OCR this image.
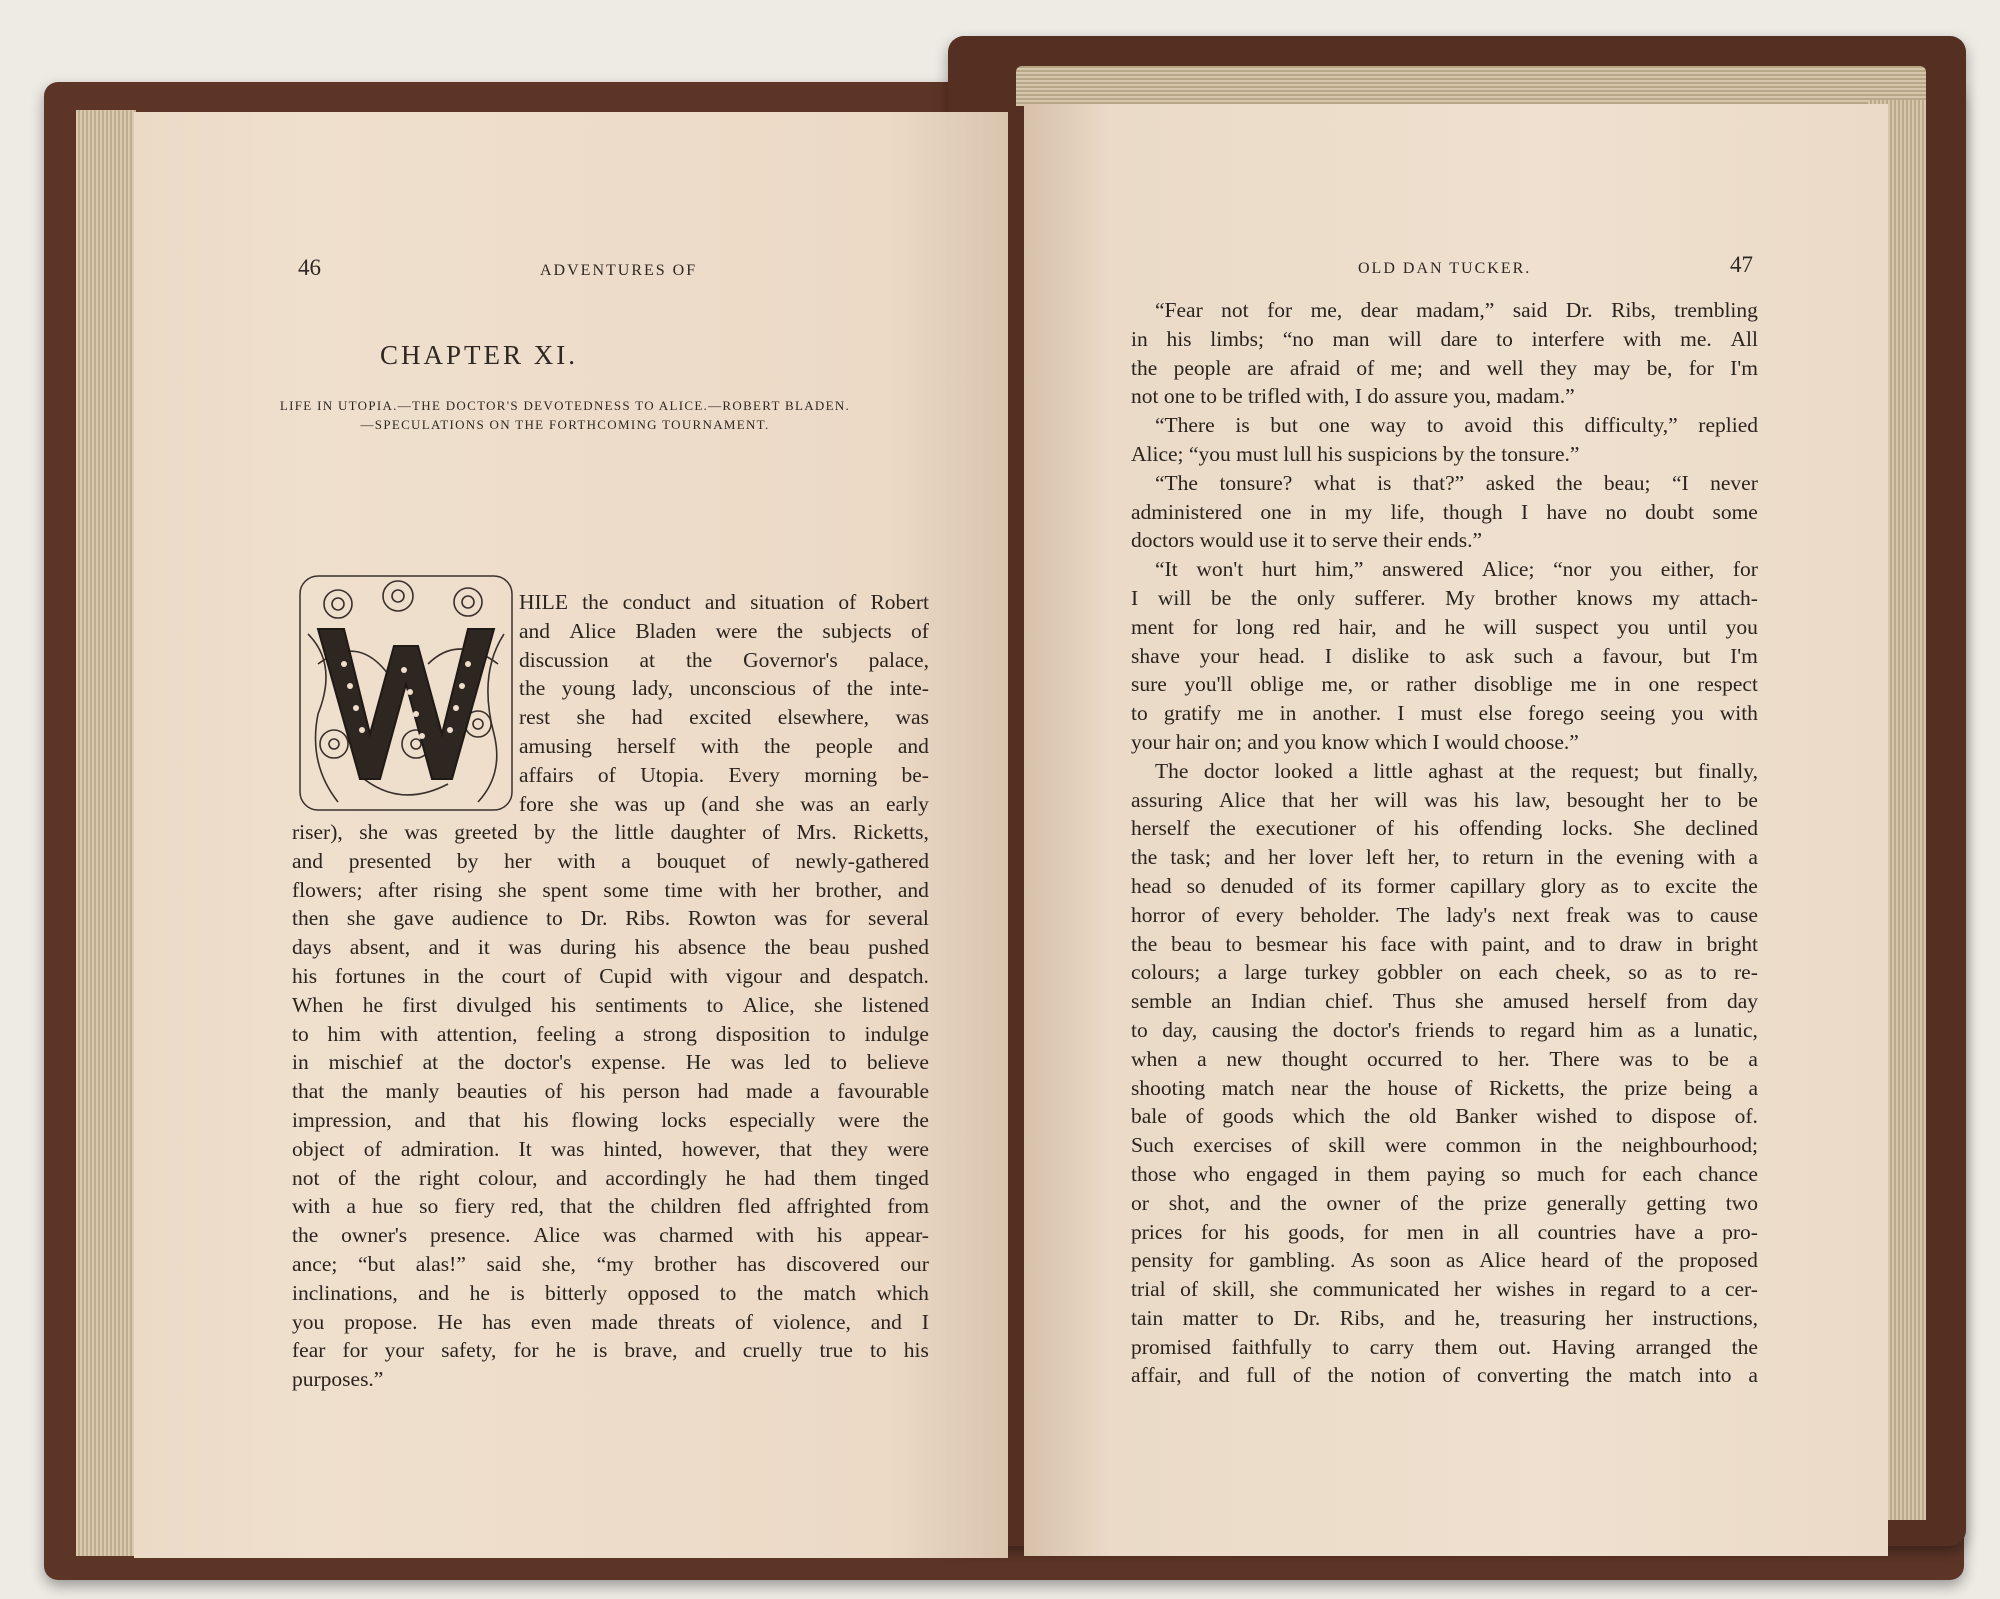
46	ADVENTURES OF
CHAPTER XI.
LIFE IN UTOPIA.—THE DOCTOR'S DEVOTEDNESS TO ALICE.—ROBERT BLADEN.
—SPECULATIONS ON THE FORTHCOMING TOURNAMENT.
HILE the conduct and situation of Robert
and Alice Bladen were the subjects of
discussion at the Governor's palace,
the young lady, unconscious of the inte-
rest she had excited elsewhere, was
amusing herself with the people and
affairs of Utopia. Every morning be-
fore she was up (and she was an early
riser), she was greeted by the little daughter of Mrs. Ricketts,
and presented by her with a bouquet of newly-gathered
flowers; after rising she spent some time with her brother, and
then she gave audience to Dr. Ribs. Rowton was for several
days absent, and it was during his absence the beau pushed
his fortunes in the court of Cupid with vigour and despatch.
When he first divulged his sentiments to Alice, she listened
to him with attention, feeling a strong disposition to indulge
in mischief at the doctor's expense. He was led to believe
that the manly beauties of his person had made a favourable
impression, and that his flowing locks especially were the
object of admiration. It was hinted, however, that they were
not of the right colour, and accordingly he had them tinged
with a hue so fiery red, that the children fled affrighted from
the owner's presence. Alice was charmed with his appear-
ance; “but alas!” said she, “my brother has discovered our
inclinations, and he is bitterly opposed to the match which
you propose. He has even made threats of violence, and I
fear for your safety, for he is brave, and cruelly true to his
purposes.”
OLD DAN TUCKER.	47
“Fear not for me, dear madam,” said Dr. Ribs, trembling
in his limbs; “no man will dare to interfere with me. All
the people are afraid of me; and well they may be, for I'm
not one to be trifled with, I do assure you, madam.”
“There is but one way to avoid this difficulty,” replied
Alice; “you must lull his suspicions by the tonsure.”
“The tonsure? what is that?” asked the beau; “I never
administered one in my life, though I have no doubt some
doctors would use it to serve their ends.”
“It won't hurt him,” answered Alice; “nor you either, for
I will be the only sufferer. My brother knows my attach-
ment for long red hair, and he will suspect you until you
shave your head. I dislike to ask such a favour, but I'm
sure you'll oblige me, or rather disoblige me in one respect
to gratify me in another. I must else forego seeing you with
your hair on; and you know which I would choose.”
The doctor looked a little aghast at the request; but finally,
assuring Alice that her will was his law, besought her to be
herself the executioner of his offending locks. She declined
the task; and her lover left her, to return in the evening with a
head so denuded of its former capillary glory as to excite the
horror of every beholder. The lady's next freak was to cause
the beau to besmear his face with paint, and to draw in bright
colours; a large turkey gobbler on each cheek, so as to re-
semble an Indian chief. Thus she amused herself from day
to day, causing the doctor's friends to regard him as a lunatic,
when a new thought occurred to her. There was to be a
shooting match near the house of Ricketts, the prize being a
bale of goods which the old Banker wished to dispose of.
Such exercises of skill were common in the neighbourhood;
those who engaged in them paying so much for each chance
or shot, and the owner of the prize generally getting two
prices for his goods, for men in all countries have a pro-
pensity for gambling. As soon as Alice heard of the proposed
trial of skill, she communicated her wishes in regard to a cer-
tain matter to Dr. Ribs, and he, treasuring her instructions,
promised faithfully to carry them out. Having arranged the
affair, and full of the notion of converting the match into a
